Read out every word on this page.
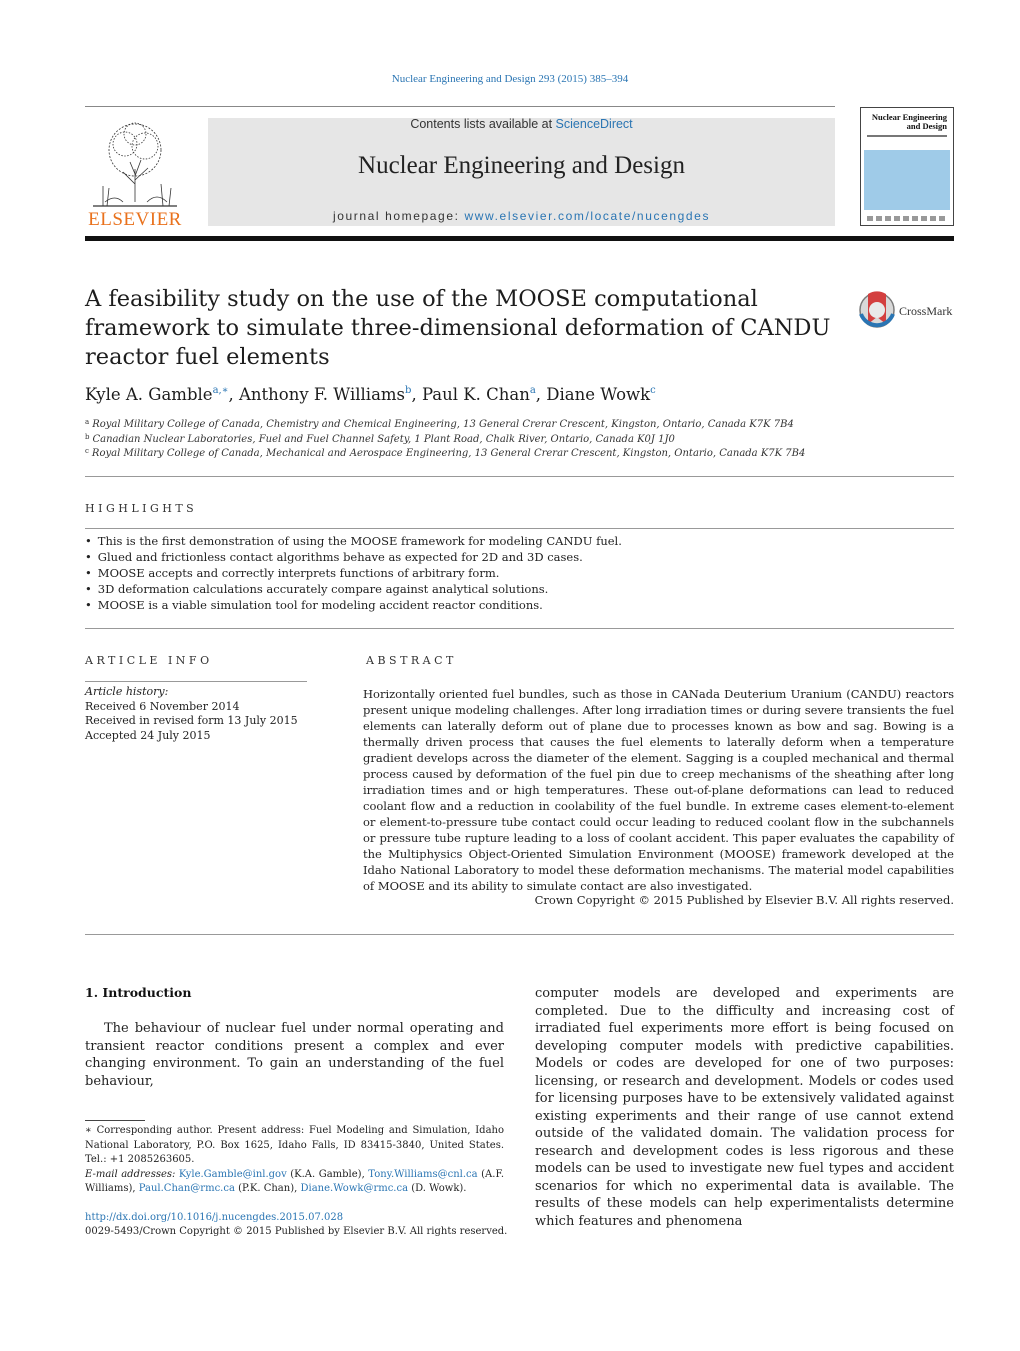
Nuclear Engineering and Design 293 (2015) 385–394
ELSEVIER
Contents lists available at ScienceDirect
Nuclear Engineering and Design
journal homepage: www.elsevier.com/locate/nucengdes
Nuclear Engineering and Design
A feasibility study on the use of the MOOSE computational framework to simulate three-dimensional deformation of CANDU reactor fuel elements
CrossMark
Kyle A. Gamble$^{a,∗}$, Anthony F. Williams$^b$, Paul K. Chan$^a$, Diane Wowk$^c$
$^a$ Royal Military College of Canada, Chemistry and Chemical Engineering, 13 General Crerar Crescent, Kingston, Ontario, Canada K7K 7B4
$^b$ Canadian Nuclear Laboratories, Fuel and Fuel Channel Safety, 1 Plant Road, Chalk River, Ontario, Canada K0J 1J0
$^c$ Royal Military College of Canada, Mechanical and Aerospace Engineering, 13 General Crerar Crescent, Kingston, Ontario, Canada K7K 7B4
HIGHLIGHTS
• This is the first demonstration of using the MOOSE framework for modeling CANDU fuel.
• Glued and frictionless contact algorithms behave as expected for 2D and 3D cases.
• MOOSE accepts and correctly interprets functions of arbitrary form.
• 3D deformation calculations accurately compare against analytical solutions.
• MOOSE is a viable simulation tool for modeling accident reactor conditions.
ARTICLE INFO
Article history:
Received 6 November 2014
Received in revised form 13 July 2015
Accepted 24 July 2015
ABSTRACT
Horizontally oriented fuel bundles, such as those in CANada Deuterium Uranium (CANDU) reactors present unique modeling challenges. After long irradiation times or during severe transients the fuel elements can laterally deform out of plane due to processes known as bow and sag. Bowing is a thermally driven process that causes the fuel elements to laterally deform when a temperature gradient develops across the diameter of the element. Sagging is a coupled mechanical and thermal process caused by deformation of the fuel pin due to creep mechanisms of the sheathing after long irradiation times and or high temperatures. These out-of-plane deformations can lead to reduced coolant flow and a reduction in coolability of the fuel bundle. In extreme cases element-to-element or element-to-pressure tube contact could occur leading to reduced coolant flow in the subchannels or pressure tube rupture leading to a loss of coolant accident. This paper evaluates the capability of the Multiphysics Object-Oriented Simulation Environment (MOOSE) framework developed at the Idaho National Laboratory to model these deformation mechanisms. The material model capabilities of MOOSE and its ability to simulate contact are also investigated.
Crown Copyright © 2015 Published by Elsevier B.V. All rights reserved.
1. Introduction
The behaviour of nuclear fuel under normal operating and transient reactor conditions present a complex and ever changing environment. To gain an understanding of the fuel behaviour,
computer models are developed and experiments are completed. Due to the difficulty and increasing cost of irradiated fuel experiments more effort is being focused on developing computer models with predictive capabilities. Models or codes are developed for one of two purposes: licensing, or research and development. Models or codes used for licensing purposes have to be extensively validated against existing experiments and their range of use cannot extend outside of the validated domain. The validation process for research and development codes is less rigorous and these models can be used to investigate new fuel types and accident scenarios for which no experimental data is available. The results of these models can help experimentalists determine which features and phenomena
∗ Corresponding author. Present address: Fuel Modeling and Simulation, Idaho National Laboratory, P.O. Box 1625, Idaho Falls, ID 83415-3840, United States. Tel.: +1 2085263605.
E-mail addresses: Kyle.Gamble@inl.gov (K.A. Gamble), Tony.Williams@cnl.ca (A.F. Williams), Paul.Chan@rmc.ca (P.K. Chan), Diane.Wowk@rmc.ca (D. Wowk).
http://dx.doi.org/10.1016/j.nucengdes.2015.07.028
0029-5493/Crown Copyright © 2015 Published by Elsevier B.V. All rights reserved.
